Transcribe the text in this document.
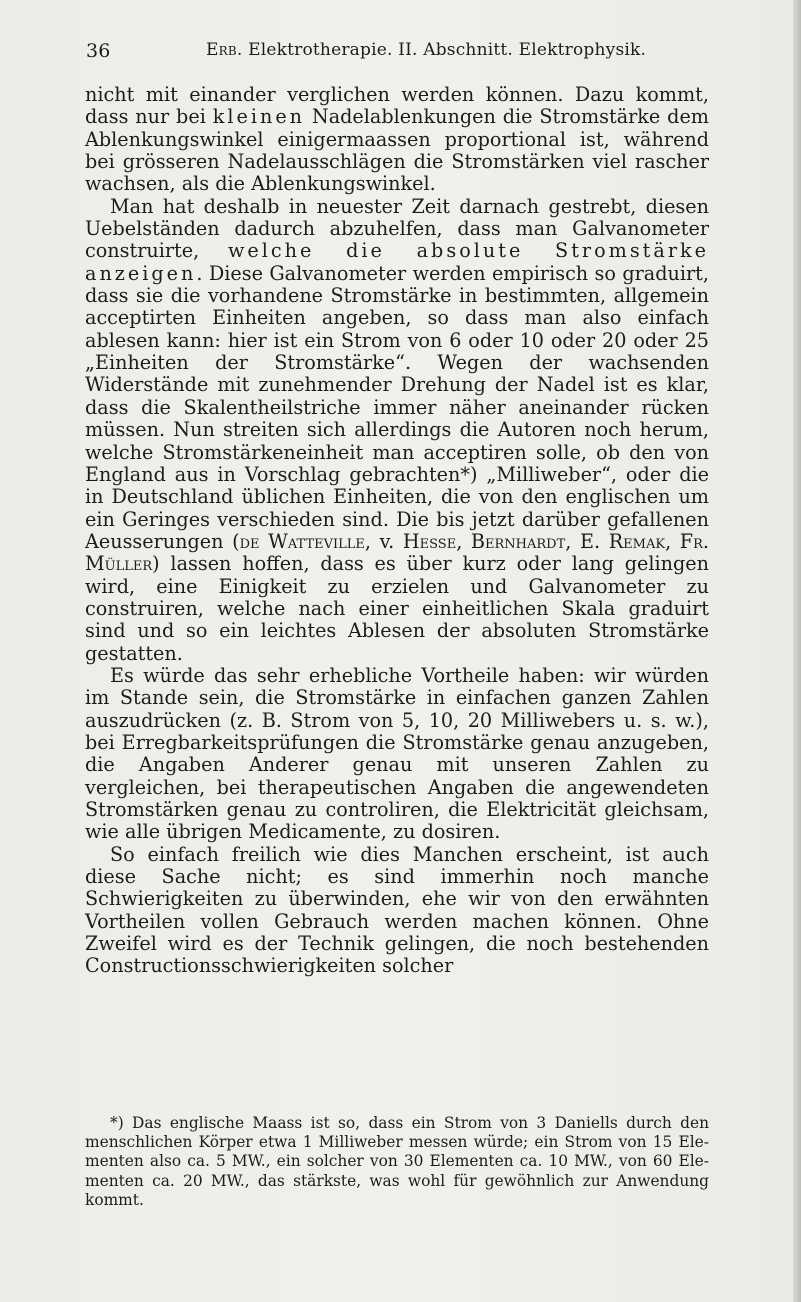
36	Erb. Elektrotherapie. II. Abschnitt. Elektrophysik.

nicht mit einander verglichen werden können. Dazu kommt, dass nur bei kleinen Nadelablenkungen die Stromstärke dem Ablenkungswinkel einigermaassen proportional ist, während bei grösseren Nadelausschlägen die Stromstärken viel rascher wachsen, als die Ablenkungswinkel.

Man hat deshalb in neuester Zeit darnach gestrebt, diesen Uebelständen dadurch abzuhelfen, dass man Galvanometer construirte, welche die absolute Stromstärke anzeigen. Diese Galvanometer werden empirisch so graduirt, dass sie die vorhandene Stromstärke in bestimmten, allgemein acceptirten Einheiten angeben, so dass man also einfach ablesen kann: hier ist ein Strom von 6 oder 10 oder 20 oder 25 „Einheiten der Stromstärke“. Wegen der wachsenden Widerstände mit zunehmender Drehung der Nadel ist es klar, dass die Skalentheilstriche immer näher aneinander rücken müssen. Nun streiten sich allerdings die Autoren noch herum, welche Stromstärkeneinheit man acceptiren solle, ob den von England aus in Vorschlag gebrachten*) „Milliweber“, oder die in Deutschland üblichen Einheiten, die von den englischen um ein Geringes verschieden sind. Die bis jetzt darüber gefallenen Aeusserungen (de Watteville, v. Hesse, Bernhardt, E. Remak, Fr. Müller) lassen hoffen, dass es über kurz oder lang gelingen wird, eine Einigkeit zu erzielen und Galvanometer zu construiren, welche nach einer einheitlichen Skala graduirt sind und so ein leichtes Ablesen der absoluten Stromstärke gestatten.

Es würde das sehr erhebliche Vortheile haben: wir würden im Stande sein, die Stromstärke in einfachen ganzen Zahlen auszudrücken (z. B. Strom von 5, 10, 20 Milliwebers u. s. w.), bei Erregbarkeitsprüfungen die Stromstärke genau anzugeben, die Angaben Anderer genau mit unseren Zahlen zu vergleichen, bei therapeutischen Angaben die angewendeten Stromstärken genau zu controliren, die Elektricität gleichsam, wie alle übrigen Medicamente, zu dosiren.

So einfach freilich wie dies Manchen erscheint, ist auch diese Sache nicht; es sind immerhin noch manche Schwierigkeiten zu überwinden, ehe wir von den erwähnten Vortheilen vollen Gebrauch werden machen können. Ohne Zweifel wird es der Technik gelingen, die noch bestehenden Constructionsschwierigkeiten solcher

*) Das englische Maass ist so, dass ein Strom von 3 Daniells durch den menschlichen Körper etwa 1 Milliweber messen würde; ein Strom von 15 Elementen also ca. 5 MW., ein solcher von 30 Elementen ca. 10 MW., von 60 Elementen ca. 20 MW., das stärkste, was wohl für gewöhnlich zur Anwendung kommt.
